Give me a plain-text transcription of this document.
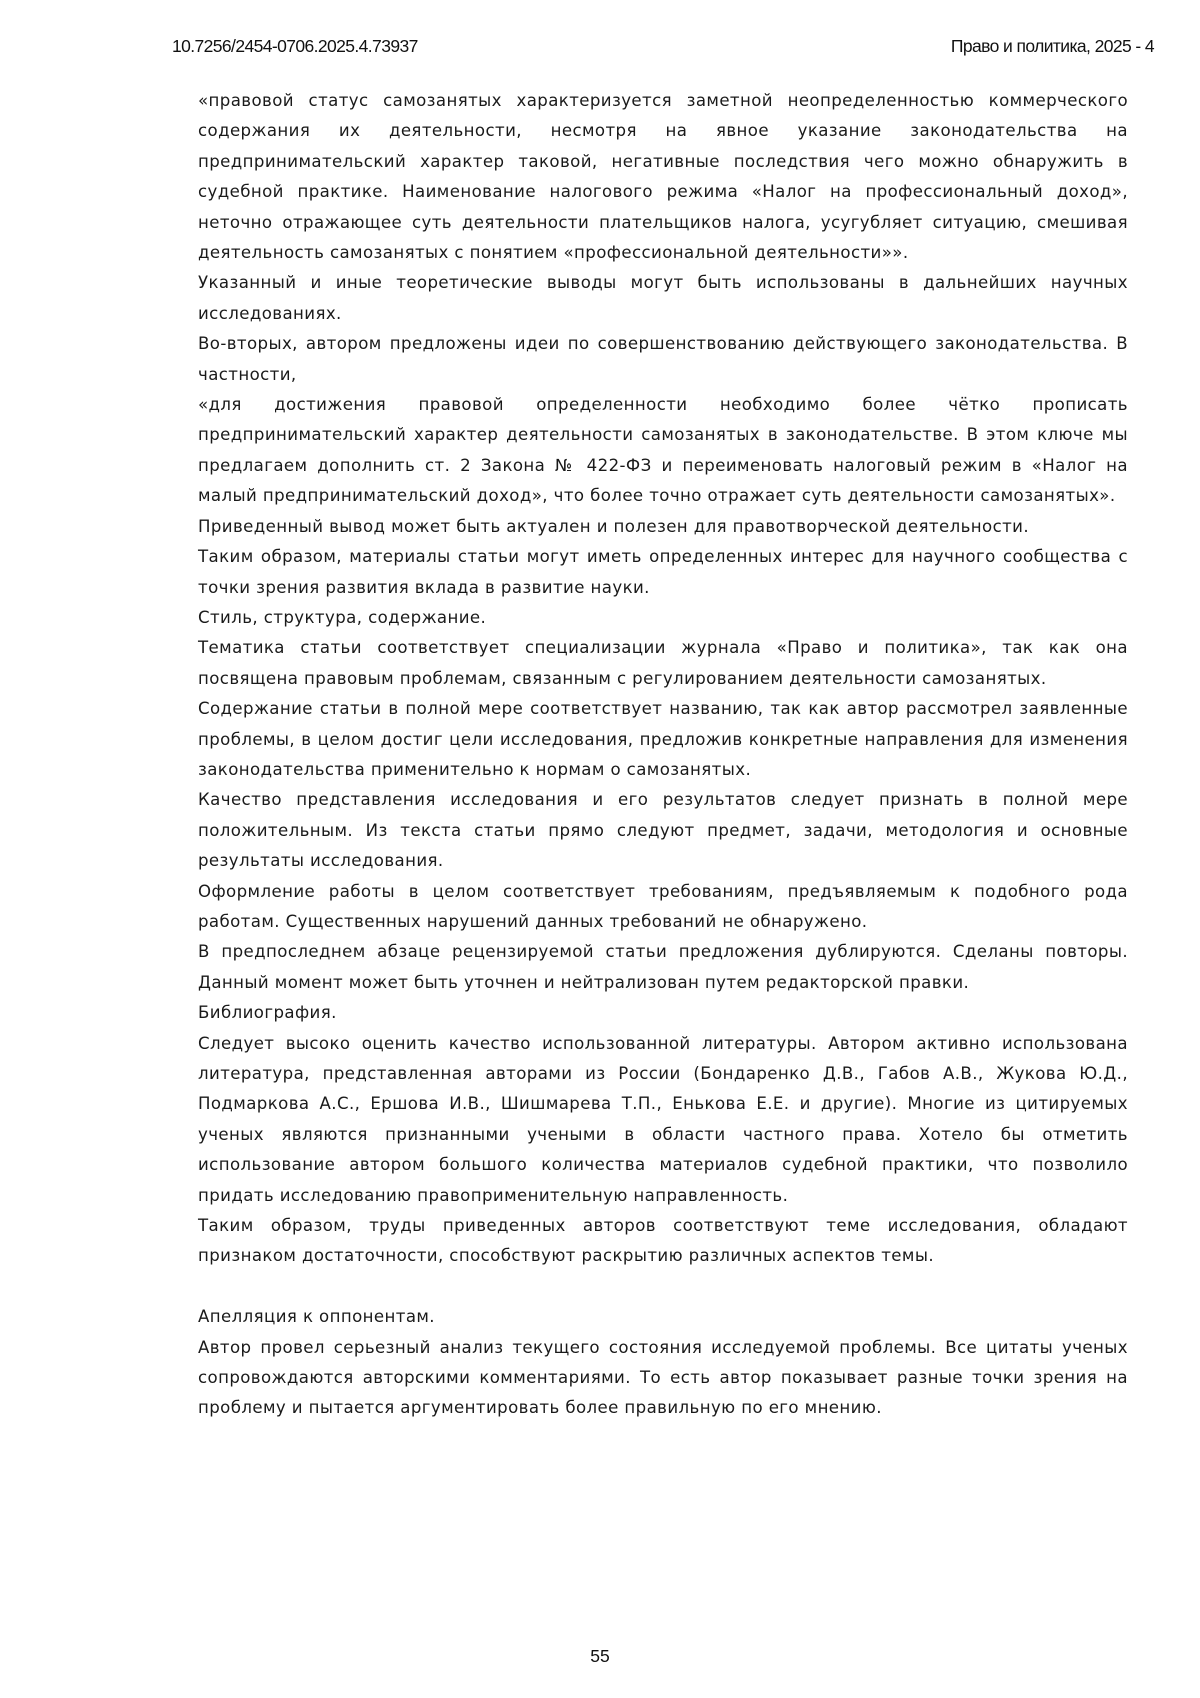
10.7256/2454-0706.2025.4.73937	Право и политика, 2025 - 4

«правовой статус самозанятых характеризуется заметной неопределенностью коммерческого содержания их деятельности, несмотря на явное указание законодательства на предпринимательский характер таковой, негативные последствия чего можно обнаружить в судебной практике. Наименование налогового режима «Налог на профессиональный доход», неточно отражающее суть деятельности плательщиков налога, усугубляет ситуацию, смешивая деятельность самозанятых с понятием «профессиональной деятельности»».

Указанный и иные теоретические выводы могут быть использованы в дальнейших научных исследованиях.

Во-вторых, автором предложены идеи по совершенствованию действующего законодательства. В частности,

«для достижения правовой определенности необходимо более чётко прописать предпринимательский характер деятельности самозанятых в законодательстве. В этом ключе мы предлагаем дополнить ст. 2 Закона № 422-ФЗ и переименовать налоговый режим в «Налог на малый предпринимательский доход», что более точно отражает суть деятельности самозанятых».

Приведенный вывод может быть актуален и полезен для правотворческой деятельности.

Таким образом, материалы статьи могут иметь определенных интерес для научного сообщества с точки зрения развития вклада в развитие науки.

Стиль, структура, содержание.

Тематика статьи соответствует специализации журнала «Право и политика», так как она посвящена правовым проблемам, связанным с регулированием деятельности самозанятых.

Содержание статьи в полной мере соответствует названию, так как автор рассмотрел заявленные проблемы, в целом достиг цели исследования, предложив конкретные направления для изменения законодательства применительно к нормам о самозанятых.

Качество представления исследования и его результатов следует признать в полной мере положительным. Из текста статьи прямо следуют предмет, задачи, методология и основные результаты исследования.

Оформление работы в целом соответствует требованиям, предъявляемым к подобного рода работам. Существенных нарушений данных требований не обнаружено.

В предпоследнем абзаце рецензируемой статьи предложения дублируются. Сделаны повторы. Данный момент может быть уточнен и нейтрализован путем редакторской правки.

Библиография.

Следует высоко оценить качество использованной литературы. Автором активно использована литература, представленная авторами из России (Бондаренко Д.В., Габов А.В., Жукова Ю.Д., Подмаркова А.С., Ершова И.В., Шишмарева Т.П., Енькова Е.Е. и другие). Многие из цитируемых ученых являются признанными учеными в области частного права. Хотело бы отметить использование автором большого количества материалов судебной практики, что позволило придать исследованию правоприменительную направленность.

Таким образом, труды приведенных авторов соответствуют теме исследования, обладают признаком достаточности, способствуют раскрытию различных аспектов темы.

Апелляция к оппонентам.

Автор провел серьезный анализ текущего состояния исследуемой проблемы. Все цитаты ученых сопровождаются авторскими комментариями. То есть автор показывает разные точки зрения на проблему и пытается аргументировать более правильную по его мнению.

55
